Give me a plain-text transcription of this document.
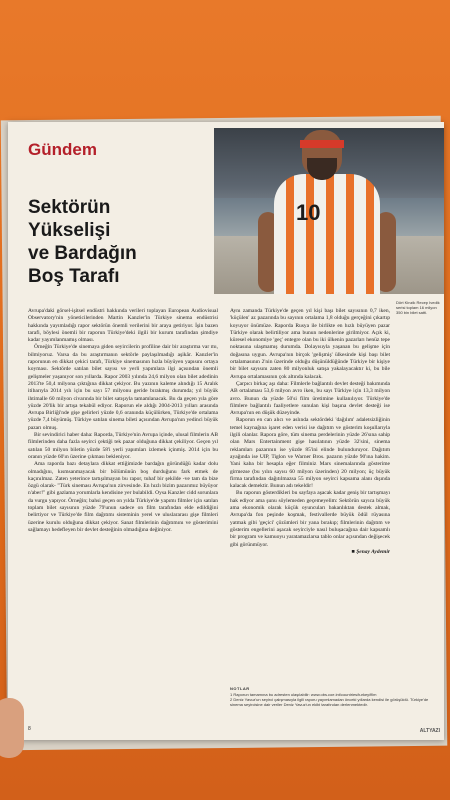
10
Dört Kinzik Recep Ivedik serisi toplam 16 milyon 350 bin bilet satti.
Gündem
Sektörün
Yükselişi
ve Bardağın
Boş Tarafı

Avrupa'daki görsel-işitsel endüstri hakkında verileri toplayan European Audiovisual Observatory'nin yöneticilerinden Martin Kanzler'in Türkiye sinema endüstrisi hakkında yayımladığı rapor sektörün önemli verilerini bir araya getiriyor. İşin bazen tarafi, böylesi önemli bir raporun Türkiye'deki ilgili bir kurum tarafindan şimdiye kadar yayımlanmamış olması.

Örneğin Türkiye'de sinemaya giden seyircilerin profiline dair bir araştırma var mı, bilmiyoruz. Varsa da bu araştırmanın sektörle paylaşılmadığı aşikâr. Kanzler'in raporunun en dikkat çekici tarafı, Türkiye sinemasının hızla büyüyen yapısını ortaya koyması. Sektörde satılan bilet sayısı ve yerli yapımlara ilgi açısından önemli gelişmeler yaşanıyor son yıllarda. Rapor 2003 yılında 24,6 milyon olan bilet adedinin 2013'te 50,4 milyona çıktığına dikkat çekiyor. Bu yazının kaleme alındığı 15 Aralık itibarıyla 2014 yılı için bu sayı 57 milyonu geride bırakmış durumda; yıl büyük ihtimalle 60 milyon civarında bir bilet satışıyla tamamlanacak. Bu da geçen yıla göre yüzde 20'lik bir artışa tekabül ediyor. Raporun ele aldığı 2004-2013 yılları arasında Avrupa Birliği'nde gişe gelirleri yüzde 0,6 oranında küçülürken, Türkiye'de ortalama yüzde 7,4 büyümüş. Türkiye satılan sinema bileti açısından Avrupa'nın yedinci büyük pazarı olmuş.

Bir sevindirici haber daha: Raporda, Türkiye'nin Avrupa içinde, ulusal filmlerin AB filmlerinden daha fazla seyirci çektiği tek pazar olduğuna dikkat çekiliyor. Geçen yıl satılan 50 milyon biletin yüzde 58'i yerli yapımları izlemek içinmiş. 2014 için bu oranın yüzde 60'ın üzerine çıkması bekleniyor.

Ama raporda bazı detaylara dikkat ettiğimizde bardağın göründüğü kadar dolu olmadığını, kısmsanmayacak bir bölümünün boş durduğunu fark etmek de kaçınılmaz. Zaten yeterince tartışılmayan bu rapor, tuhaf bir şekilde -ve tam da bize özgü olarak- "Türk sineması Avrupa'nın zirvesinde. En hızlı bizim pazarımız büyüyor n'aber!" gibi gazlama yorumlarla kendisine yer bulabildi. Oysa Kanzler cidd sorunlara da vurgu yapıyor. Örneğin; bahsi geçen on yılda Türkiye'de yapımı filmler için satılan toplam bilet sayısının yüzde 79'unun sadece on film tarafından elde edildiğini belirtiyor ve Türkiye'de film dağıtımı sisteminin yerel ve uluslararası gişe filmleri üzerine kurulu olduğuna dikkat çekiyor. Sanat filmlerinin dağıtımını ve gösterimini sağlamayı hedefleyen bir devlet desteğinin olmadığına değiniyor.

Aynı zamanda Türkiye'de geçen yıl kişi başı bilet sayısının 0,7 iken, 'küçülen' az pazarında bu sayının ortalama 1,8 olduğu gerçeğini çıkartıp koyuyor önümüze. Raporda Rusya ile birlikte en hızlı büyüyen pazar Türkiye olarak belirtiliyor ama bunun nedenlerine girilmiyor. Açık ki, küresel ekonomiye 'geç' entegre olan bu iki ülkenin pazarları henüz tepe noktasına ulaşmamış durumda. Dolayısıyla yaşanan bu gelişme için doğasına uygun. Avrupa'nın birçok 'gelişmiş' ülkesinde kişi başı bilet ortalamasının 2'nin üzerinde olduğu düşünüldüğünde Türkiye bir kişiye bir bilet sayısını zaten 80 milyonluk satışa yakalayacaktır ki, bu bile Avrupa ortalamasının çok altında kalacak.

Çarpıcı birkaç aşı daha: Filmlerle bağlantılı devlet desteği bakımında AB ortalaması 53,6 milyon avro iken, bu sayı Türkiye için 13,3 milyon avro. Bunun da yüzde 50'si film üretimine kullanılıyor. Türkiye'de filmlere bağlantılı faaliyetlere sunulan kişi başına devlet desteği ise Avrupa'nın en düşük düzeyinde.

Raporun en can alıcı ve aslında sektördeki 'dağılım' adaletsizliğinin temel kaynağına işaret eden verisi ise dağıtım ve gösterim koşullarıyla ilgili olanlar. Rapora göre, tüm sinema perdelerinin yüzde 26'sına sahip olan Mars Entertainment gişe hasılatının yüzde 32'sini, sinema reklamları pazarının ise yüzde 85'ini elinde bulunduruyor. Dağıtım ayağında ise UIP, Tiglon ve Warner Bros. pazarın yüzde 90'ına hakim. Yani kaba bir hesapla eğer filminiz Mars sinemalarında gösterime girmezse (bu yılın sayısı 60 milyon üzerinden) 20 milyon; üç büyük firma tarafından dağıtılmazsa 55 milyon seyirci kapsama alanı dışında kalacak demektir. Bunun adı tekeldir!

Bu raporun gösterdikleri bu sayfaya aşacak kadar geniş bir tartışmayı hak ediyor ama şunu söylemeden geçemeyelim: Sektörün sayıca büyük ama ekonomik olarak küçük oyuncuları bakanlıktan destek almak, Avrupa'da fon peşinde koşmak, festivallerde büyük ödül rüyasına yatmak gibi 'geçici' çözümleri bir yana bırakıp; filmlerinin dağıtım ve gösterim engellerini aşacak seyirciyle nasıl buluşacağına dair kapsamlı bir program ve kamuoyu yaratamazlarsa tablo onlar açısından değişecek gibi görünmüyor.

■ Şenay Aydemir

NOTLAR
1 Raporun tamamına bu adresten ulaşılabilir: www.obs.coe.int/countries/turkey/film
2 Deniz Yavuz'un seyirci çalışmasıyla ilgili raporu yayımlamadan önceki yıllarda kendisi ile görüşüldü. Türkiye'de sinema seyircisine dair veriler Deniz Yavuz'un ekibi tarafından derlenmektedir.
8	ALTYAZI
